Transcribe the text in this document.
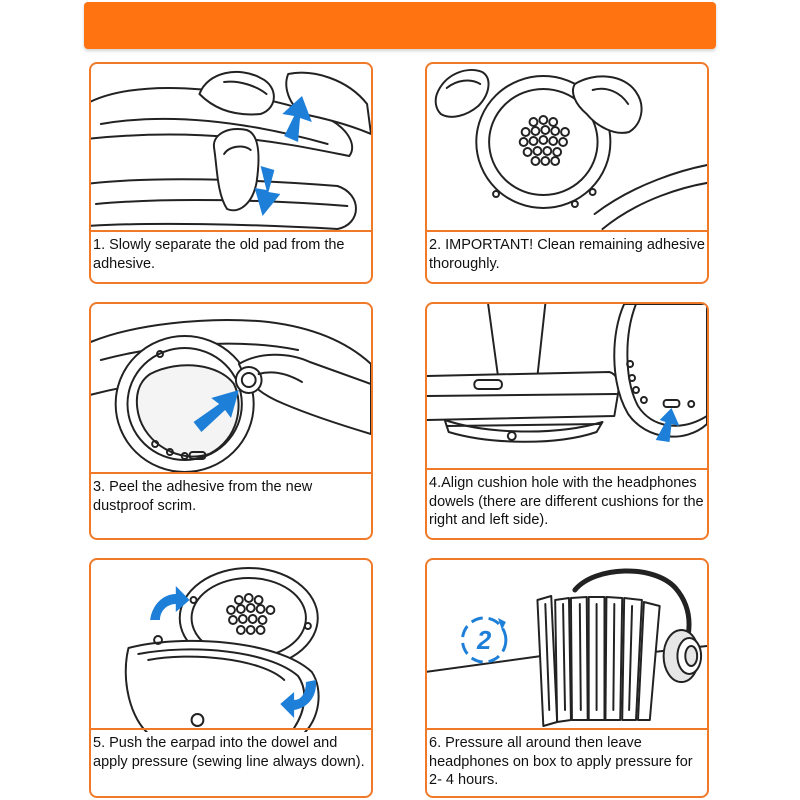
1. Slowly separate the old pad from the adhesive.
2. IMPORTANT! Clean remaining adhesive thoroughly.
3. Peel the adhesive from the new dustproof scrim.
4.Align cushion hole with the headphones dowels (there are different cushions for the right and left side).
5. Push the earpad into the dowel and apply pressure (sewing line always down).
2
6. Pressure all around then leave headphones on box to apply pressure for 2- 4 hours.
